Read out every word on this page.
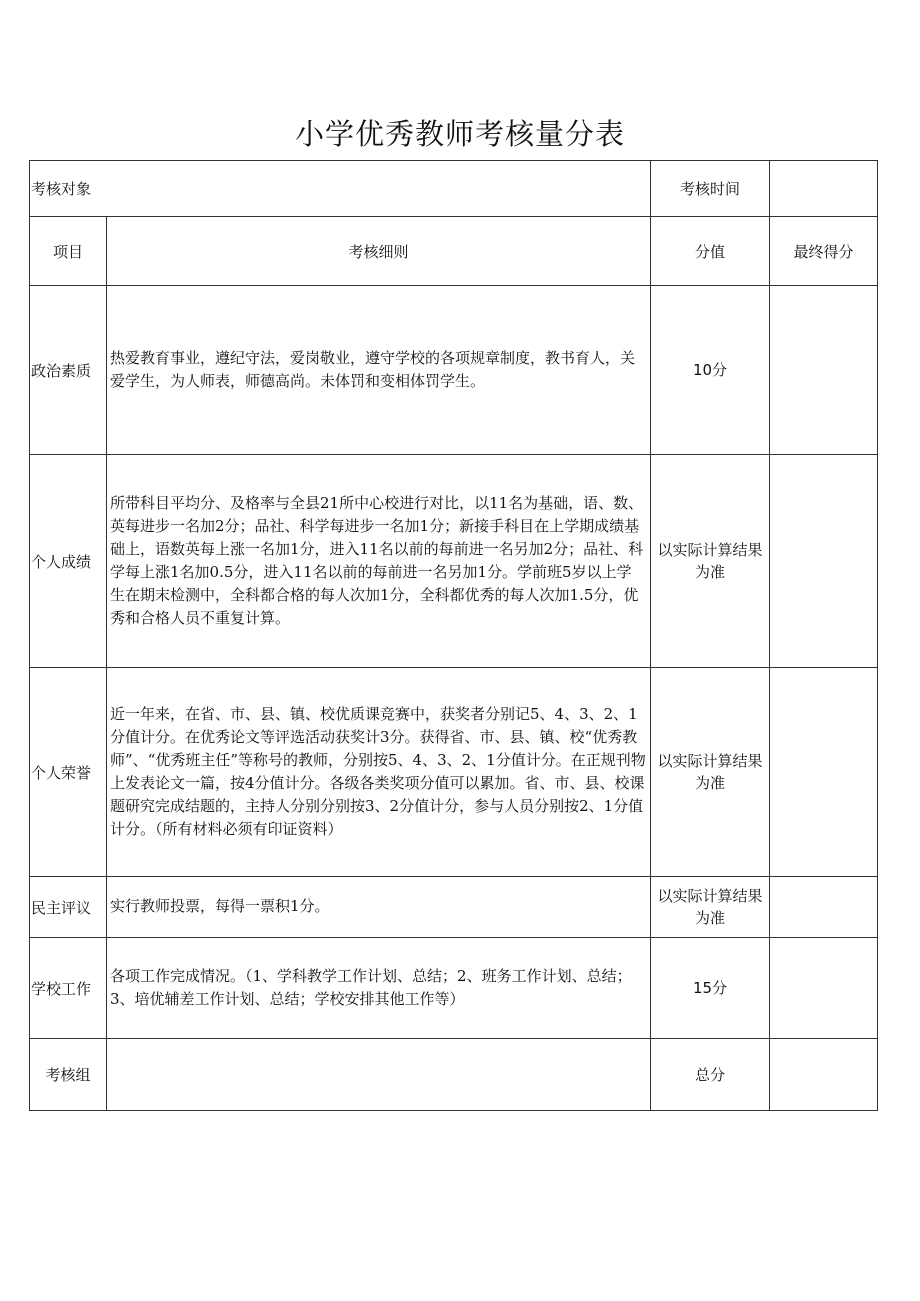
小学优秀教师考核量分表
考核对象		考核时间	
项目	考核细则	分值	最终得分
政治素质	热爱教育事业，遵纪守法，爱岗敬业，遵守学校的各项规章制度，教书育人，关爱学生，为人师表，师德高尚。未体罚和变相体罚学生。	10分	
个人成绩	所带科目平均分、及格率与全县21所中心校进行对比，以11名为基础，语、数、英每进步一名加2分；品社、科学每进步一名加1分；新接手科目在上学期成绩基础上，语数英每上涨一名加1分，进入11名以前的每前进一名另加2分；品社、科学每上涨1名加0.5分，进入11名以前的每前进一名另加1分。学前班5岁以上学生在期末检测中，全科都合格的每人次加1分，全科都优秀的每人次加1.5分，优秀和合格人员不重复计算。	以实际计算结果为准	
个人荣誉	近一年来，在省、市、县、镇、校优质课竞赛中，获奖者分别记5、4、3、2、1分值计分。在优秀论文等评选活动获奖计3分。获得省、市、县、镇、校“优秀教师”、“优秀班主任”等称号的教师，分别按5、4、3、2、1分值计分。在正规刊物上发表论文一篇，按4分值计分。各级各类奖项分值可以累加。省、市、县、校课题研究完成结题的，主持人分别分别按3、2分值计分，参与人员分别按2、1分值计分。（所有材料必须有印证资料）	以实际计算结果为准	
民主评议	实行教师投票，每得一票积1分。	以实际计算结果为准	
学校工作	各项工作完成情况。（1、学科教学工作计划、总结；2、班务工作计划、总结；3、培优辅差工作计划、总结；学校安排其他工作等）	15分	
考核组		总分	
